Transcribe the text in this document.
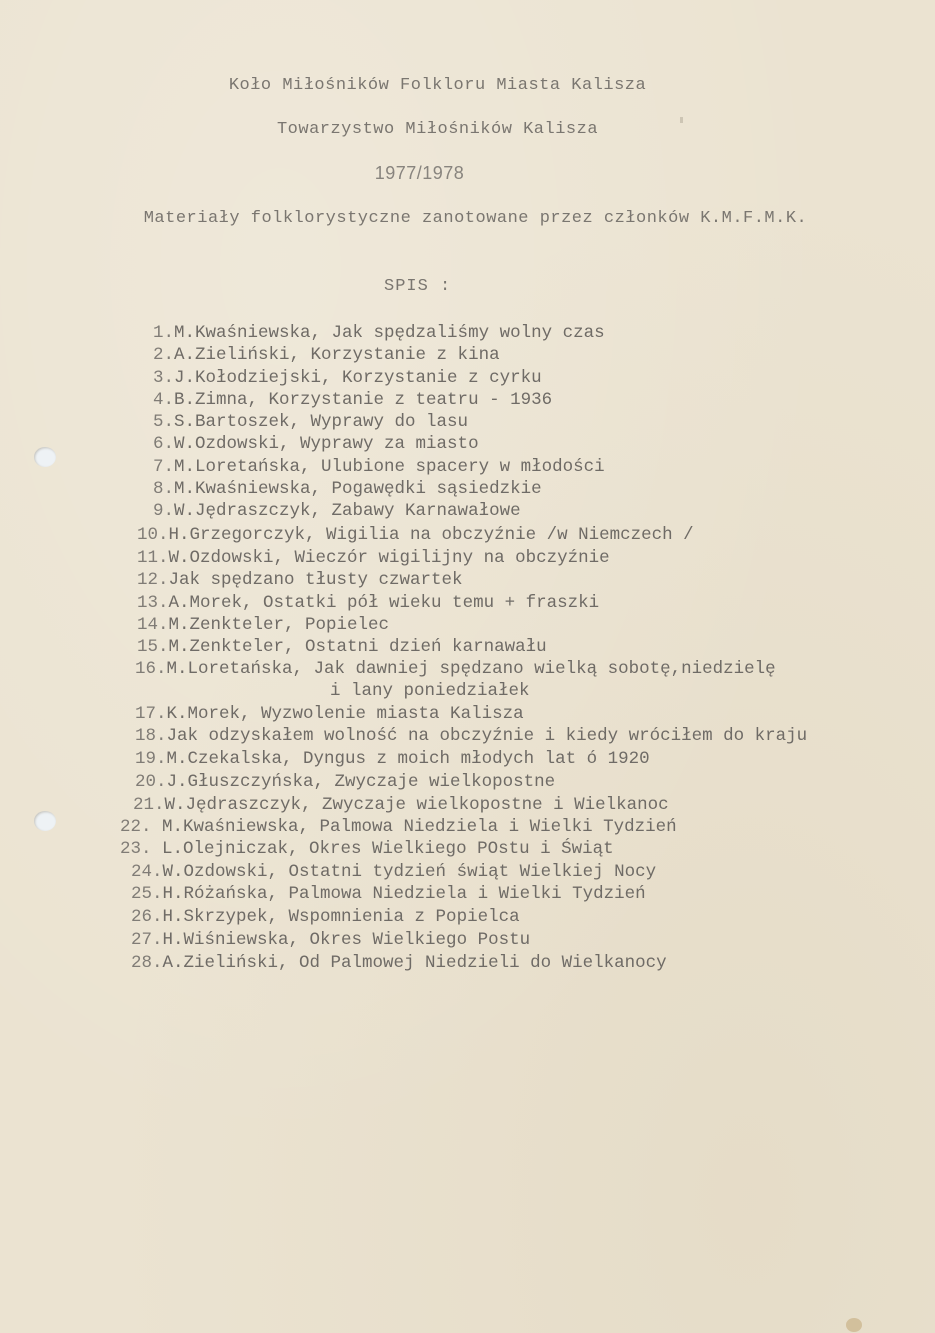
Koło Miłośników Folkloru Miasta Kalisza
Towarzystwo Miłośników Kalisza
1977/1978
Materiały folklorystyczne zanotowane przez członków K.M.F.M.K.
SPIS :
1.M.Kwaśniewska, Jak spędzaliśmy wolny czas
2.A.Zieliński, Korzystanie z kina
3.J.Kołodziejski, Korzystanie z cyrku
4.B.Zimna, Korzystanie z teatru - 1936
5.S.Bartoszek, Wyprawy do lasu
6.W.Ozdowski, Wyprawy za miasto
7.M.Loretańska, Ulubione spacery w młodości
8.M.Kwaśniewska, Pogawędki sąsiedzkie
9.W.Jędraszczyk, Zabawy Karnawałowe
10.H.Grzegorczyk, Wigilia na obczyźnie /w Niemczech /
11.W.Ozdowski, Wieczór wigilijny na obczyźnie
12.Jak spędzano tłusty czwartek
13.A.Morek, Ostatki pół wieku temu + fraszki
14.M.Zenkteler, Popielec
15.M.Zenkteler, Ostatni dzień karnawału
16.M.Loretańska, Jak dawniej spędzano wielką sobotę,niedzielę
i lany poniedziałek
17.K.Morek, Wyzwolenie miasta Kalisza
18.Jak odzyskałem wolność na obczyźnie i kiedy wróciłem do kraju
19.M.Czekalska, Dyngus z moich młodych lat ó 1920
20.J.Głuszczyńska, Zwyczaje wielkopostne
21.W.Jędraszczyk, Zwyczaje wielkopostne i Wielkanoc
22. M.Kwaśniewska, Palmowa Niedziela i Wielki Tydzień
23. L.Olejniczak, Okres Wielkiego POstu i Świąt
24.W.Ozdowski, Ostatni tydzień świąt Wielkiej Nocy
25.H.Różańska, Palmowa Niedziela i Wielki Tydzień
26.H.Skrzypek, Wspomnienia z Popielca
27.H.Wiśniewska, Okres Wielkiego Postu
28.A.Zieliński, Od Palmowej Niedzieli do Wielkanocy
